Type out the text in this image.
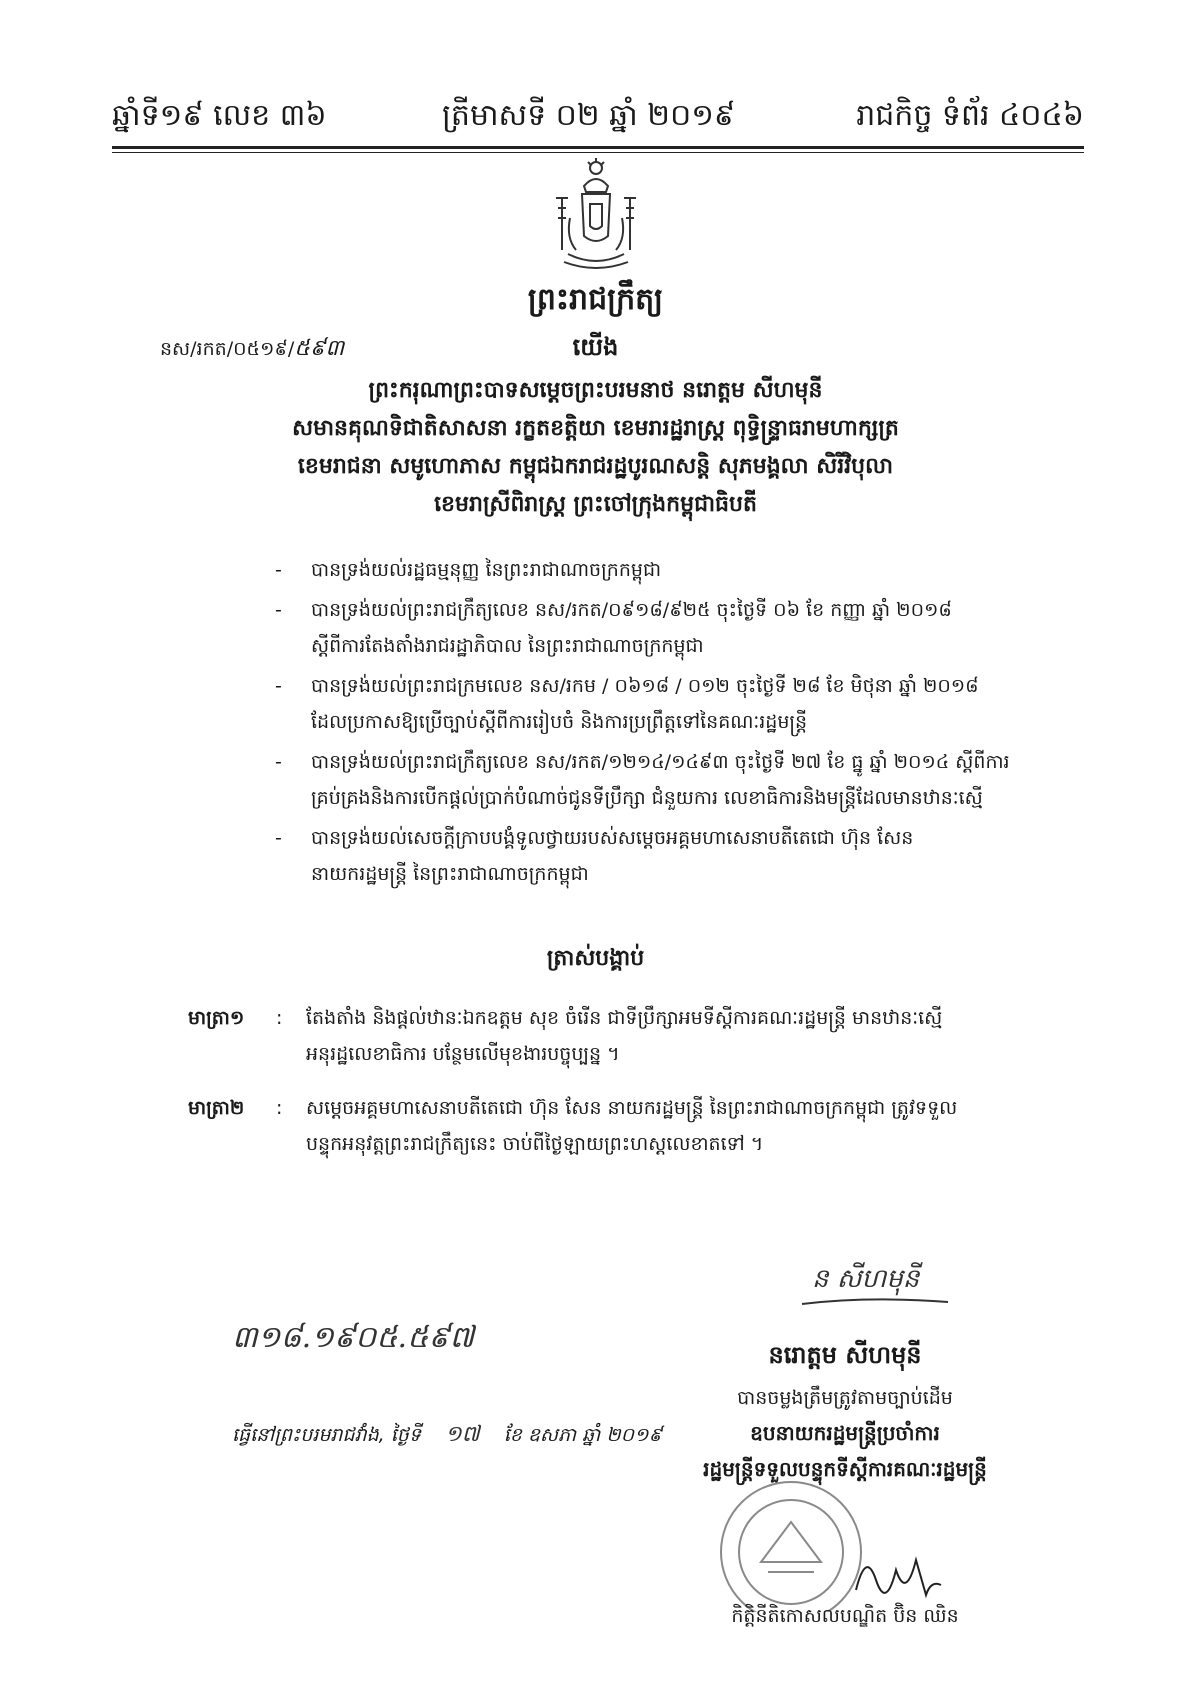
ឆ្នាំទី១៩ លេខ ៣៦	ត្រីមាសទី ០២ ឆ្នាំ ២០១៩	រាជកិច្ច ទំព័រ ៤០៤៦
ព្រះរាជក្រឹត្យ
នស/រកត/០៥១៩/៥៩៣	យើង
ព្រះករុណាព្រះបាទសម្តេចព្រះបរមនាថ នរោត្តម សីហមុនី
សមានគុណទិជាតិសាសនា រក្ខតខត្តិយា ខេមរារដ្ឋរាស្ត្រ ពុទ្ធិន្ទ្រាធរាមហាក្សត្រ
ខេមរាជនា សមូហោភាស កម្ពុជឯករាជរដ្ឋបូរណសន្តិ សុភមង្គលា សិរីវិបុលា
ខេមរាស្រីពិរាស្ត្រ ព្រះចៅក្រុងកម្ពុជាធិបតី
- បានទ្រង់យល់រដ្ឋធម្មនុញ្ញ នៃព្រះរាជាណាចក្រកម្ពុជា
- បានទ្រង់យល់ព្រះរាជក្រឹត្យលេខ នស/រកត/០៩១៨/៩២៥ ចុះថ្ងៃទី ០៦ ខែ កញ្ញា ឆ្នាំ ២០១៨
ស្តីពីការតែងតាំងរាជរដ្ឋាភិបាល នៃព្រះរាជាណាចក្រកម្ពុជា
- បានទ្រង់យល់ព្រះរាជក្រមលេខ នស/រកម / ០៦១៨ / ០១២ ចុះថ្ងៃទី ២៨ ខែ មិថុនា ឆ្នាំ ២០១៨
ដែលប្រកាសឱ្យប្រើច្បាប់ស្តីពីការរៀបចំ និងការប្រព្រឹត្តទៅនៃគណៈរដ្ឋមន្ត្រី
- បានទ្រង់យល់ព្រះរាជក្រឹត្យលេខ នស/រកត/១២១៤/១៤៩៣ ចុះថ្ងៃទី ២៧ ខែ ធ្នូ ឆ្នាំ ២០១៤ ស្តីពីការ
គ្រប់គ្រងនិងការបើកផ្តល់ប្រាក់បំណាច់ជូនទីប្រឹក្សា ជំនួយការ លេខាធិការនិងមន្ត្រីដែលមានឋានៈស្មើ
- បានទ្រង់យល់សេចក្តីក្រាបបង្គំទូលថ្វាយរបស់សម្តេចអគ្គមហាសេនាបតីតេជោ ហ៊ុន សែន
នាយករដ្ឋមន្ត្រី នៃព្រះរាជាណាចក្រកម្ពុជា
ត្រាស់បង្គាប់
មាត្រា១ : តែងតាំង និងផ្តល់ឋានៈឯកឧត្តម សុខ ចំរើន ជាទីប្រឹក្សាអមទីស្តីការគណៈរដ្ឋមន្ត្រី មានឋានៈស្មើ
អនុរដ្ឋលេខាធិការ បន្ថែមលើមុខងារបច្ចុប្បន្ន ។
មាត្រា២ : សម្តេចអគ្គមហាសេនាបតីតេជោ ហ៊ុន សែន នាយករដ្ឋមន្ត្រី នៃព្រះរាជាណាចក្រកម្ពុជា ត្រូវទទួល
បន្ទុកអនុវត្តព្រះរាជក្រឹត្យនេះ ចាប់ពីថ្ងៃឡាយព្រះហស្តលេខាតទៅ ។
ន សីហមុនី
៣១៨.១៩០៥.៥៩៧
ធ្វើនៅព្រះបរមរាជវាំង, ថ្ងៃទី ១៧ ខែ ឧសភា ឆ្នាំ ២០១៩
នរោត្តម សីហមុនី
បានចម្លងត្រឹមត្រូវតាមច្បាប់ដើម
ឧបនាយករដ្ឋមន្ត្រីប្រចាំការ
រដ្ឋមន្ត្រីទទួលបន្ទុកទីស្តីការគណៈរដ្ឋមន្ត្រី
កិត្តិនីតិកោសលបណ្ឌិត ប៊ិន ឈិន
